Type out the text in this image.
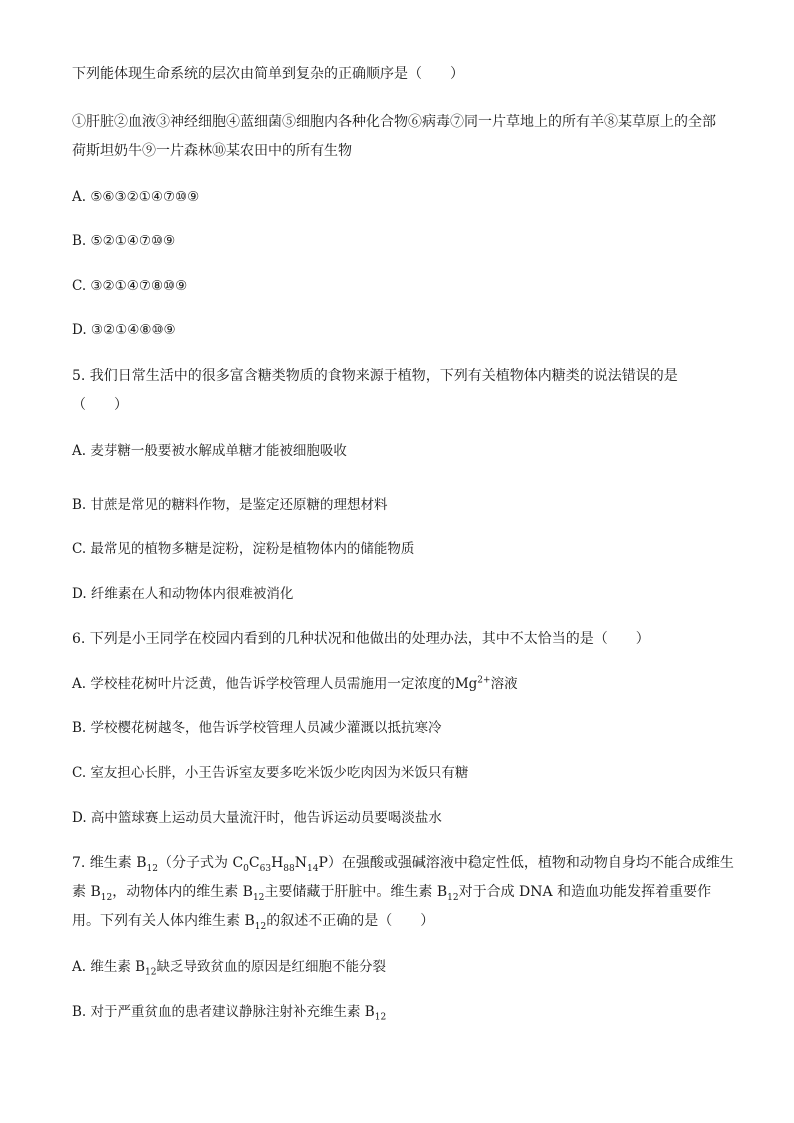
下列能体现生命系统的层次由简单到复杂的正确顺序是（　　）
①肝脏②血液③神经细胞④蓝细菌⑤细胞内各种化合物⑥病毒⑦同一片草地上的所有羊⑧某草原上的全部
荷斯坦奶牛⑨一片森林⑩某农田中的所有生物
A. ⑤⑥③②①④⑦⑩⑨
B. ⑤②①④⑦⑩⑨
C. ③②①④⑦⑧⑩⑨
D. ③②①④⑧⑩⑨
5. 我们日常生活中的很多富含糖类物质的食物来源于植物，下列有关植物体内糖类的说法错误的是
（　　）
A. 麦芽糖一般要被水解成单糖才能被细胞吸收
B. 甘蔗是常见的糖料作物，是鉴定还原糖的理想材料
C. 最常见的植物多糖是淀粉，淀粉是植物体内的储能物质
D. 纤维素在人和动物体内很难被消化
6. 下列是小王同学在校园内看到的几种状况和他做出的处理办法，其中不太恰当的是（　　）
A. 学校桂花树叶片泛黄，他告诉学校管理人员需施用一定浓度的$Mg^{2+}$溶液
B. 学校樱花树越冬，他告诉学校管理人员减少灌溉以抵抗寒冷
C. 室友担心长胖，小王告诉室友要多吃米饭少吃肉因为米饭只有糖
D. 高中篮球赛上运动员大量流汗时，他告诉运动员要喝淡盐水
7. 维生素 $B_{12}$（分子式为 $C_0C_{63}H_{88}N_{14}P$）在强酸或强碱溶液中稳定性低，植物和动物自身均不能合成维生
素 $B_{12}$，动物体内的维生素 $B_{12}$主要储藏于肝脏中。维生素 $B_{12}$对于合成 DNA 和造血功能发挥着重要作
用。下列有关人体内维生素 $B_{12}$的叙述不正确的是（　　）
A. 维生素 $B_{12}$缺乏导致贫血的原因是红细胞不能分裂
B. 对于严重贫血的患者建议静脉注射补充维生素 $B_{12}$
